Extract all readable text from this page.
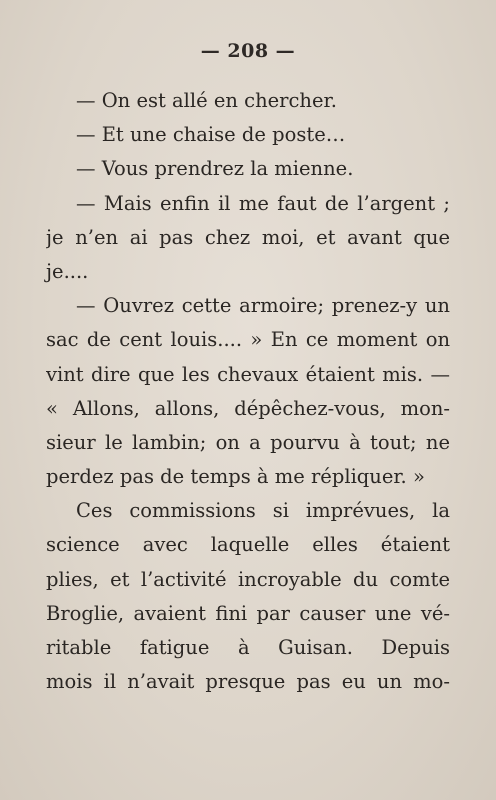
— 208 —
— On est allé en chercher.
— Et une chaise de poste…
— Vous prendrez la mienne.
— Mais enfin il me faut de l’argent ;
je n’en ai pas chez moi, et avant que
je....
— Ouvrez cette armoire; prenez-y un
sac de cent louis.... » En ce moment on
vint dire que les chevaux étaient mis. —
« Allons, allons, dépêchez-vous, mon-
sieur le lambin; on a pourvu à tout; ne
perdez pas de temps à me répliquer. »
Ces commissions si imprévues, la
science avec laquelle elles étaient
plies, et l’activité incroyable du comte
Broglie, avaient fini par causer une vé-
ritable fatigue à Guisan. Depuis
mois il n’avait presque pas eu un mo-
